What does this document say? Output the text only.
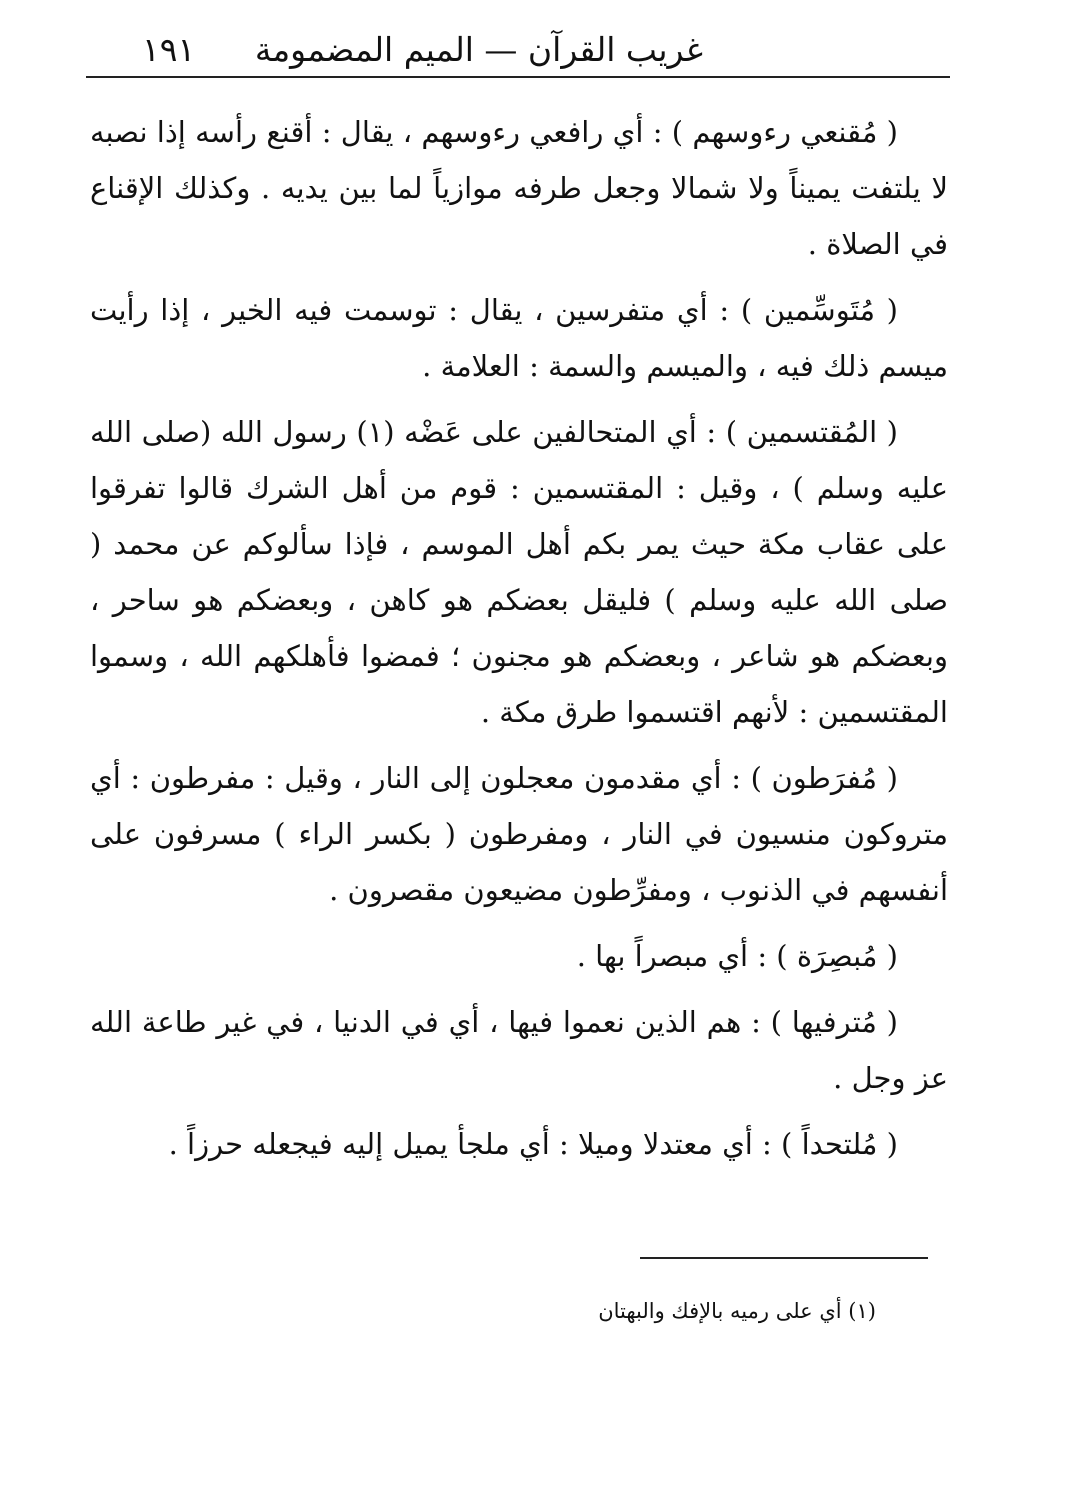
غريب القرآن — الميم المضمومة
١٩١

( مُقنعي رءوسهم ) : أي رافعي رءوسهم ، يقال : أقنع رأسه إذا نصبه لا يلتفت يميناً ولا شمالا وجعل طرفه موازياً لما بين يديه . وكذلك الإقناع في الصلاة .

( مُتَوسِّمين ) : أي متفرسين ، يقال : توسمت فيه الخير ، إذا رأيت ميسم ذلك فيه ، والميسم والسمة : العلامة .

( المُقتسمين ) : أي المتحالفين على عَضْه (١) رسول الله (صلى الله عليه وسلم ) ، وقيل : المقتسمين : قوم من أهل الشرك قالوا تفرقوا على عقاب مكة حيث يمر بكم أهل الموسم ، فإذا سألوكم عن محمد ( صلى الله عليه وسلم ) فليقل بعضكم هو كاهن ، وبعضكم هو ساحر ، وبعضكم هو شاعر ، وبعضكم هو مجنون ؛ فمضوا فأهلكهم الله ، وسموا المقتسمين : لأنهم اقتسموا طرق مكة .

( مُفرَطون ) : أي مقدمون معجلون إلى النار ، وقيل : مفرطون : أي متروكون منسيون في النار ، ومفرطون ( بكسر الراء ) مسرفون على أنفسهم في الذنوب ، ومفرِّطون مضيعون مقصرون .

( مُبصِرَة ) : أي مبصراً بها .

( مُترفيها ) : هم الذين نعموا فيها ، أي في الدنيا ، في غير طاعة الله عز وجل .

( مُلتحداً ) : أي معتدلا وميلا : أي ملجأ يميل إليه فيجعله حرزاً .

(١) أي على رميه بالإفك والبهتان
